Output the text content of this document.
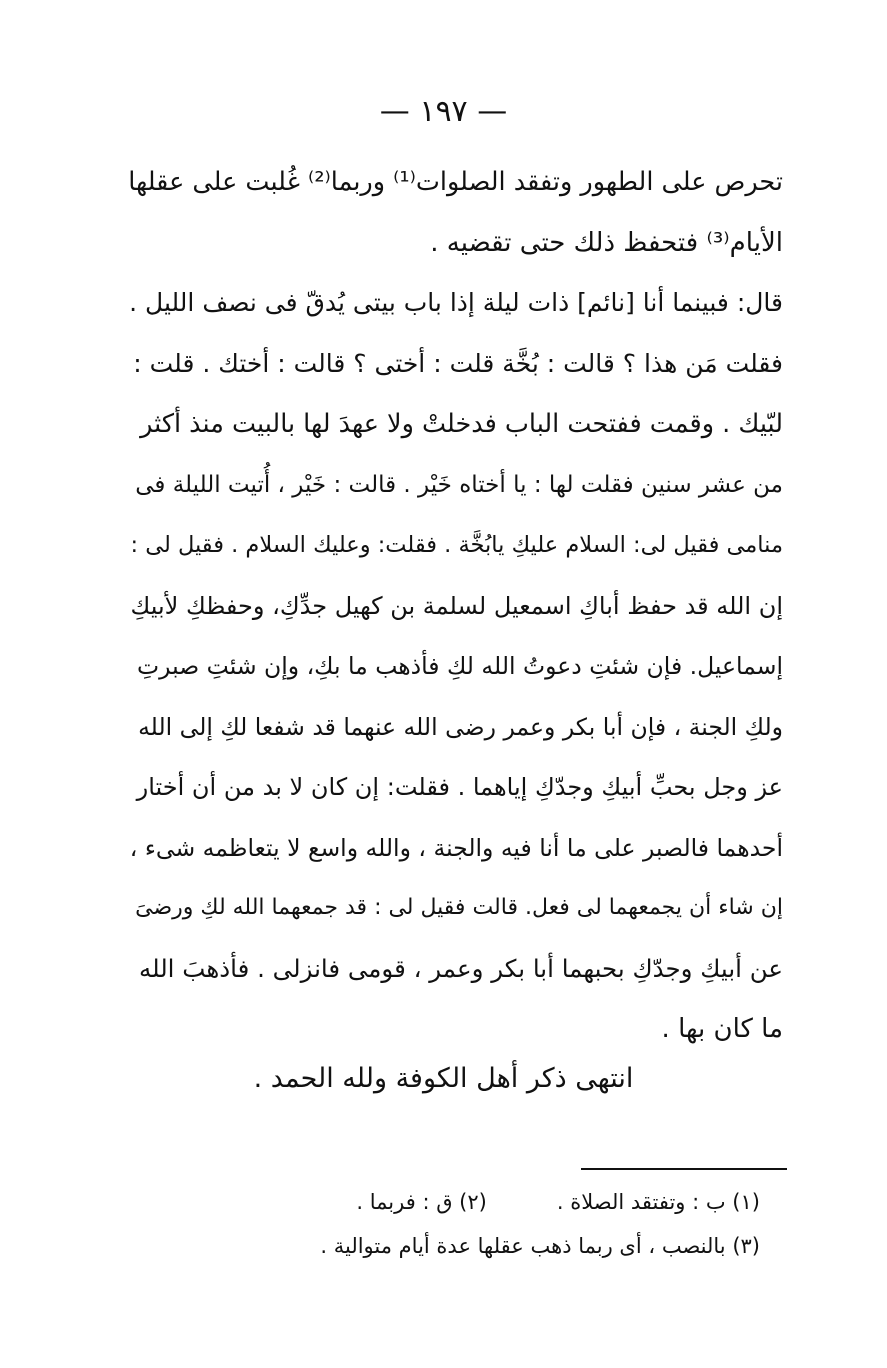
— ١٩٧ —
تحرص على الطهور وتفقد الصلوات⁽¹⁾ وربما⁽²⁾ غُلبت على عقلها
الأيام⁽³⁾ فتحفظ ذلك حتى تقضيه .
قال: فبينما أنا [نائم] ذات ليلة إذا باب بيتى يُدقّ فى نصف الليل .
فقلت مَن هذا ؟ قالت : بُخَّة قلت : أختى ؟ قالت : أختك . قلت :
لبّيك . وقمت ففتحت الباب فدخلتْ ولا عهدَ لها بالبيت منذ أكثر
من عشر سنين فقلت لها : يا أختاه خَيْر . قالت : خَيْر ، أُتيت الليلة فى
منامى فقيل لى: السلام عليكِ يابُخَّة . فقلت: وعليك السلام . فقيل لى :
إن الله قد حفظ أباكِ اسمعيل لسلمة بن كهيل جدِّكِ، وحفظكِ لأبيكِ
إسماعيل. فإن شئتِ دعوتُ الله لكِ فأذهب ما بكِ، وإن شئتِ صبرتِ
ولكِ الجنة ، فإن أبا بكر وعمر رضى الله عنهما قد شفعا لكِ إلى الله
عز وجل بحبِّ أبيكِ وجدّكِ إياهما . فقلت: إن كان لا بد من أن أختار
أحدهما فالصبر على ما أنا فيه والجنة ، والله واسع لا يتعاظمه شىء ،
إن شاء أن يجمعهما لى فعل. قالت فقيل لى : قد جمعهما الله لكِ ورضىَ
عن أبيكِ وجدّكِ بحبهما أبا بكر وعمر ، قومى فانزلى . فأذهبَ الله
ما كان بها .
انتهى ذكر أهل الكوفة ولله الحمد .
(١) ب : وتفتقد الصلاة .(٢) ق : فربما .
(٣) بالنصب ، أى ربما ذهب عقلها عدة أيام متوالية .
